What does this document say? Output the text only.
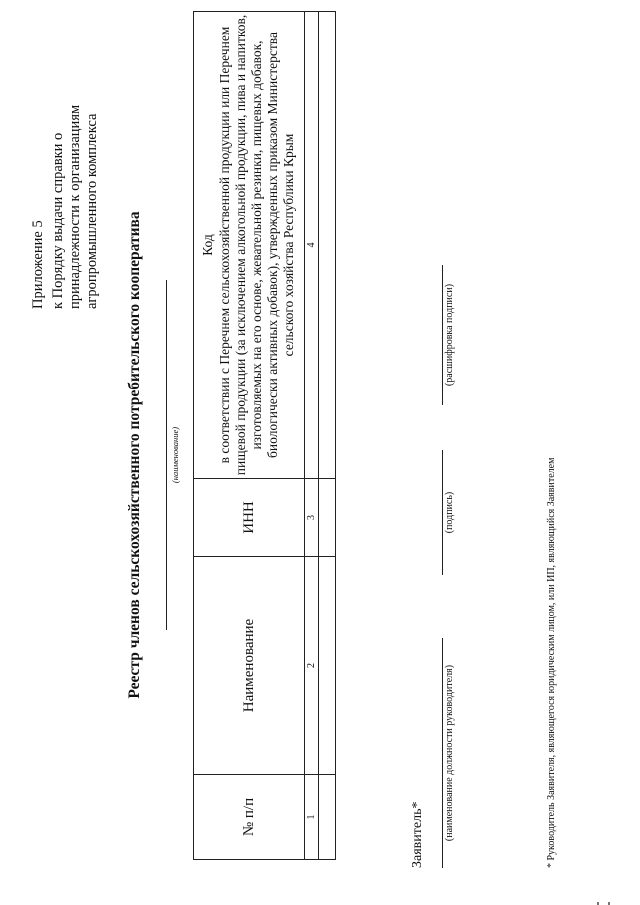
Приложение 5 к Порядку выдачи справки о принадлежности к организациям агропромышленного комплекса
Реестр членов сельскохозяйственного потребительского кооператива	(наименование)
№ п/п	Наименование	ИНН	Код в соответствии с Перечнем сельскохозяйственной продукции или Перечнем пищевой продукции (за исключением алкогольной продукции, пива и напитков, изготовляемых на его основе, жевательной резинки, пищевых добавок, биологически активных добавок), утвержденных приказом Министерства сельского хозяйства Республики Крым

1	2	3	4

Заявитель* (наименование должности руководителя)
(подпись)
(расшифровка подписи)
* Руководитель Заявителя, являющегося юридическим лицом, или ИП, являющийся Заявителем
